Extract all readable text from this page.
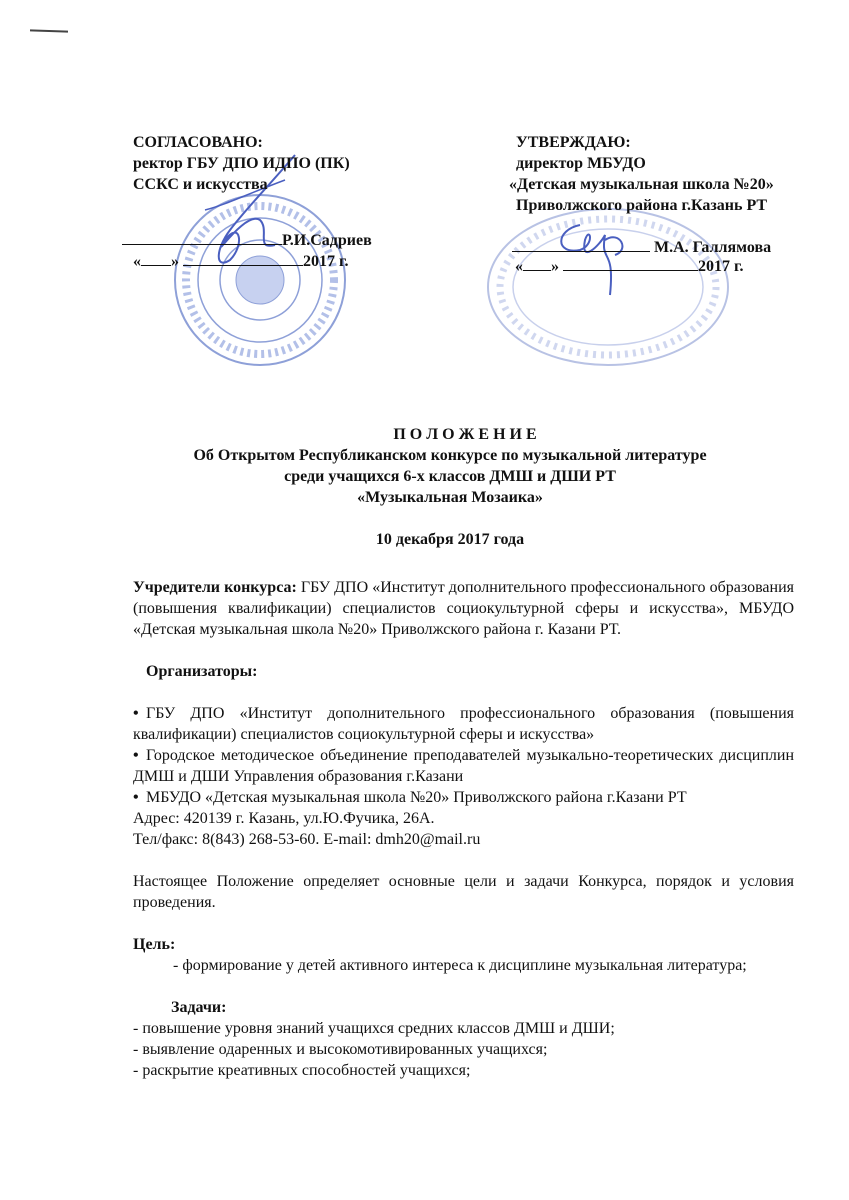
СОГЛАСОВАНО:
ректор ГБУ ДПО ИДПО (ПК)
ССКС и искусства
Р.И.Садриев
« »	2017 г.
УТВЕРЖДАЮ:
директор МБУДО
«Детская музыкальная школа №20»
Приволжского района г.Казань РТ
М.А. Галлямова
« »	2017 г.
П О Л О Ж Е Н И Е
Об Открытом Республиканском конкурсе по музыкальной литературе
среди учащихся 6-х классов ДМШ и ДШИ РТ
«Музыкальная Мозаика»
10 декабря 2017 года

Учредители конкурса: ГБУ ДПО «Институт дополнительного профессионального образования (повышения квалификации) специалистов социокультурной сферы и искусства», МБУДО «Детская музыкальная школа №20» Приволжского района г. Казани РТ.

Организаторы:

• ГБУ ДПО «Институт дополнительного профессионального образования (повышения квалификации) специалистов социокультурной сферы и искусства»

• Городское методическое объединение преподавателей музыкально-теоретических дисциплин ДМШ и ДШИ Управления образования г.Казани

• МБУДО «Детская музыкальная школа №20» Приволжского района г.Казани РТ

Адрес: 420139 г. Казань, ул.Ю.Фучика, 26А.

Тел/факс: 8(843) 268-53-60. E-mail: dmh20@mail.ru

Настоящее Положение определяет основные цели и задачи Конкурса, порядок и условия проведения.

Цель:

- формирование у детей активного интереса к дисциплине музыкальная литература;

Задачи:

- повышение уровня знаний учащихся средних классов ДМШ и ДШИ;

- выявление одаренных и высокомотивированных учащихся;

- раскрытие креативных способностей учащихся;
